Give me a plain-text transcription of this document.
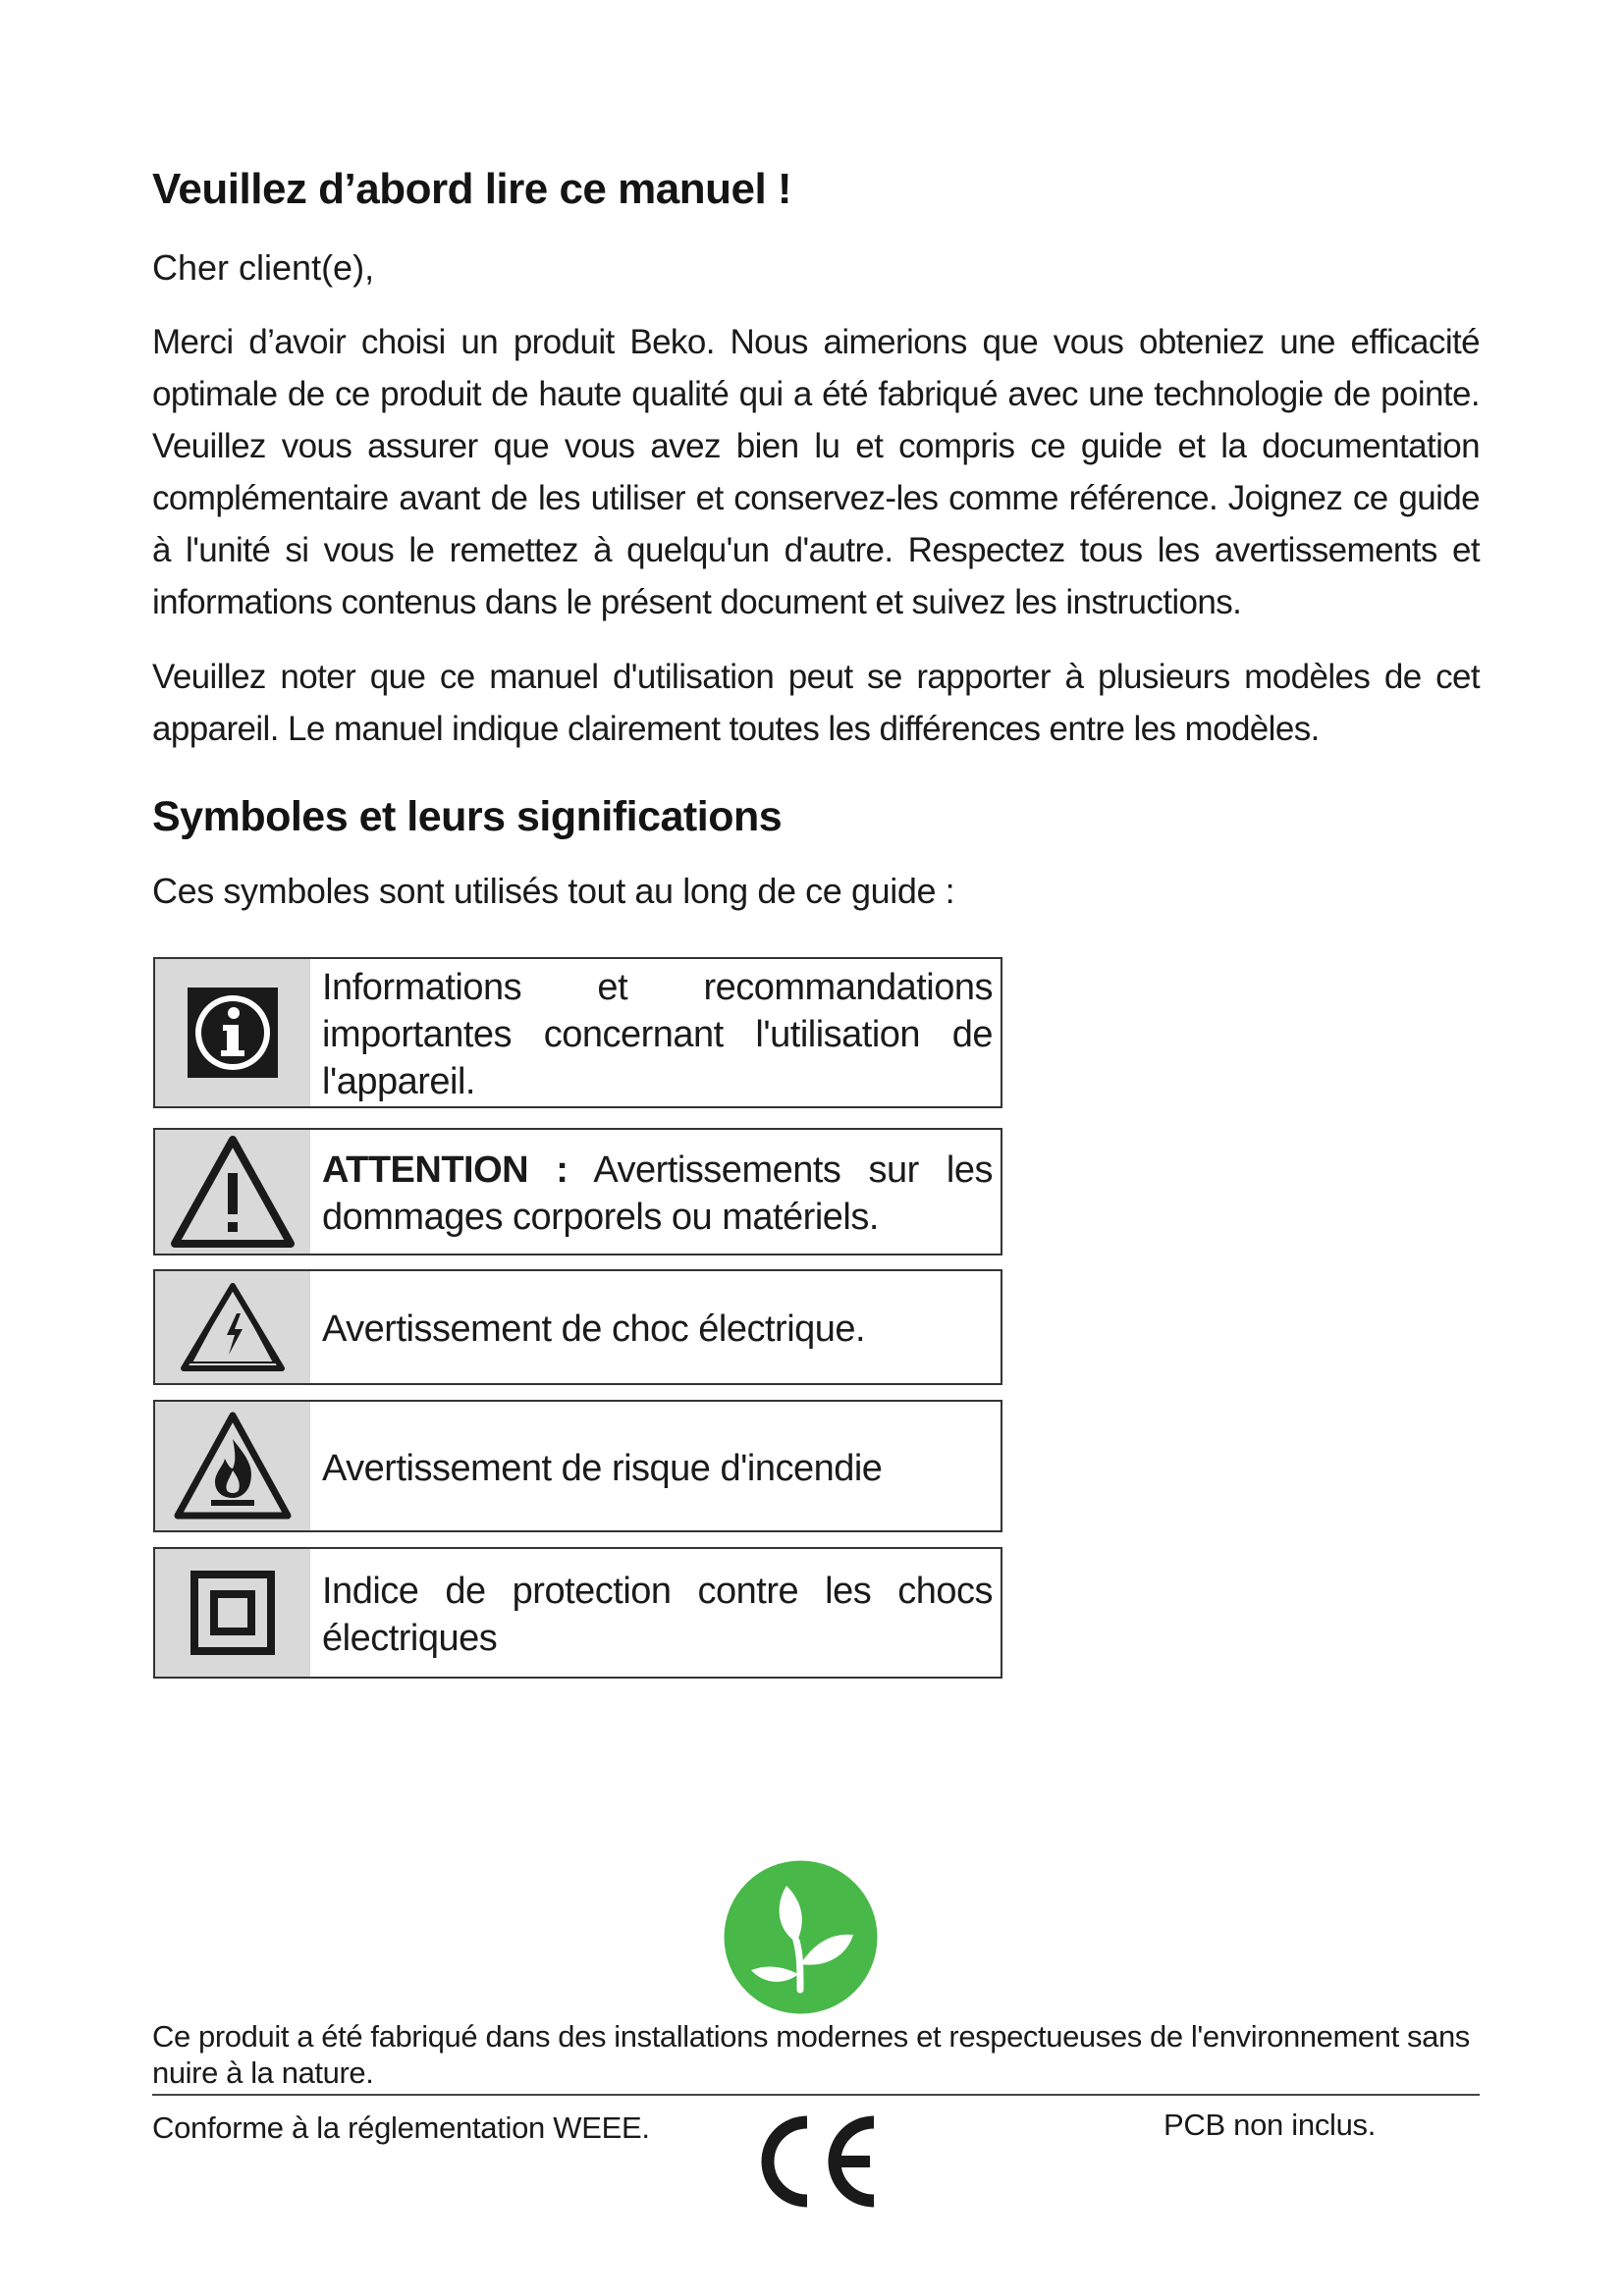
Veuillez d’abord lire ce manuel !

Cher client(e),

Merci d’avoir choisi un produit Beko. Nous aimerions que vous obteniez une efficacité optimale de ce produit de haute qualité qui a été fabriqué avec une technologie de pointe. Veuillez vous assurer que vous avez bien lu et compris ce guide et la documentation complémentaire avant de les utiliser et conservez-les comme référence. Joignez ce guide à l'unité si vous le remettez à quelqu'un d'autre. Respectez tous les avertissements et informations contenus dans le présent document et suivez les instructions.

Veuillez noter que ce manuel d'utilisation peut se rapporter à plusieurs modèles de cet appareil. Le manuel indique clairement toutes les différences entre les modèles.

Symboles et leurs significations

Ces symboles sont utilisés tout au long de ce guide :

Informations et recommandations importantes concernant l'utilisation de l'appareil.
ATTENTION : Avertissements sur les dommages corporels ou matériels.
Avertissement de choc électrique.
Avertissement de risque d'incendie
Indice de protection contre les chocs électriques

Ce produit a été fabriqué dans des installations modernes et respectueuses de l'environnement sans nuire à la nature.

Conforme à la réglementation WEEE.	PCB non inclus.
